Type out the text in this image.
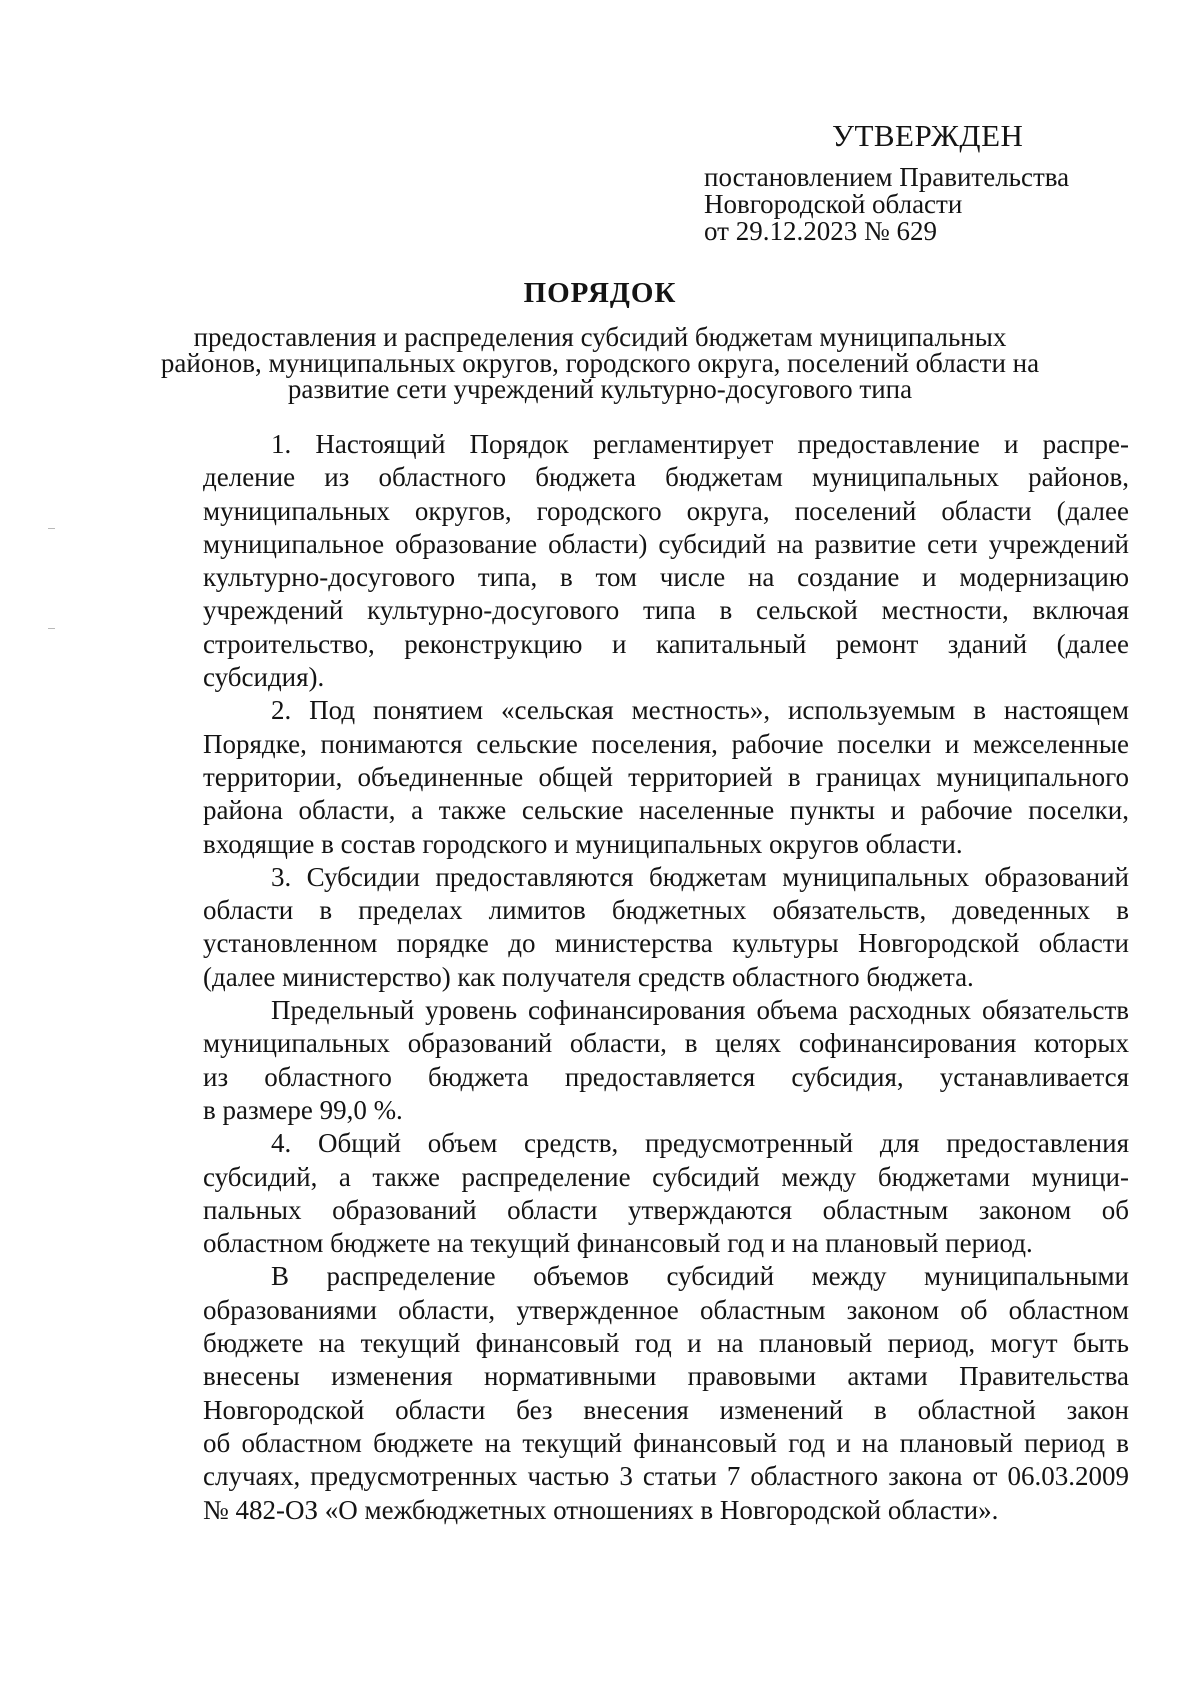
УТВЕРЖДЕН
постановлением Правительства
Новгородской области
от 29.12.2023 № 629
ПОРЯДОК
предоставления и распределения субсидий бюджетам муниципальных
районов, муниципальных округов, городского округа, поселений области на
развитие сети учреждений культурно-досугового типа
1. Настоящий Порядок регламентирует предоставление и распре-
деление из областного бюджета бюджетам муниципальных районов,
муниципальных округов, городского округа, поселений области (далее
муниципальное образование области) субсидий на развитие сети учреждений
культурно-досугового типа, в том числе на создание и модернизацию
учреждений культурно-досугового типа в сельской местности, включая
строительство, реконструкцию и капитальный ремонт зданий (далее
субсидия).
2. Под понятием «сельская местность», используемым в настоящем
Порядке, понимаются сельские поселения, рабочие поселки и межселенные
территории, объединенные общей территорией в границах муниципального
района области, а также сельские населенные пункты и рабочие поселки,
входящие в состав городского и муниципальных округов области.
3. Субсидии предоставляются бюджетам муниципальных образований
области в пределах лимитов бюджетных обязательств, доведенных в
установленном порядке до министерства культуры Новгородской области
(далее министерство) как получателя средств областного бюджета.
Предельный уровень софинансирования объема расходных обязательств
муниципальных образований области, в целях софинансирования которых
из областного бюджета предоставляется субсидия, устанавливается
в размере 99,0 %.
4. Общий объем средств, предусмотренный для предоставления
субсидий, а также распределение субсидий между бюджетами муници-
пальных образований области утверждаются областным законом об
областном бюджете на текущий финансовый год и на плановый период.
В распределение объемов субсидий между муниципальными
образованиями области, утвержденное областным законом об областном
бюджете на текущий финансовый год и на плановый период, могут быть
внесены изменения нормативными правовыми актами Правительства
Новгородской области без внесения изменений в областной закон
об областном бюджете на текущий финансовый год и на плановый период в
случаях, предусмотренных частью 3 статьи 7 областного закона от 06.03.2009
№ 482-ОЗ «О межбюджетных отношениях в Новгородской области».
